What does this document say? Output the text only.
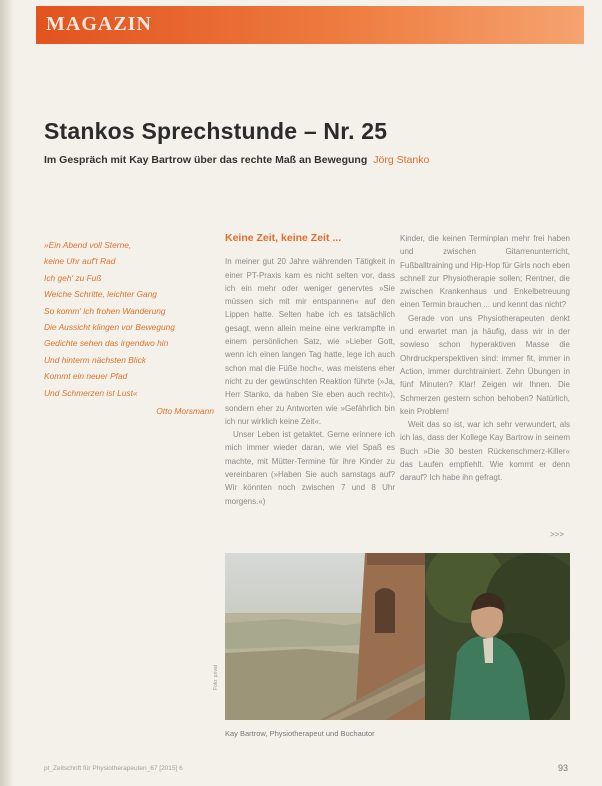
MAGAZIN
Stankos Sprechstunde – Nr. 25
Im Gespräch mit Kay Bartrow über das rechte Maß an Bewegung Jörg Stanko
»Ein Abend voll Sterne,
keine Uhr auf't Rad
Ich geh' zu Fuß
Weiche Schritte, leichter Gang
So komm' ich frohen Wanderung
Die Aussicht klingen vor Bewegung
Gedichte sehen das irgendwo hin
Und hinterm nächsten Blick
Kommt ein neuer Pfad
Und Schmerzen ist Lust«
Otto Morsmann
Keine Zeit, keine Zeit ...

In meiner gut 20 Jahre währenden Tätigkeit in einer PT-Praxis kam es nicht selten vor, dass ich ein mehr oder weniger genervtes »Sie müssen sich mit mir entspannen« auf den Lippen hatte. Selten habe ich es tatsächlich gesagt, wenn allein meine eine verkrampfte in einem persönlichen Satz, wie »Lieber Gott, wenn ich einen langen Tag hatte, lege ich auch schon mal die Füße hoch«, was meistens eher nicht zu der gewünschten Reaktion führte (»Ja, Herr Stanko, da haben Sie eben auch recht«), sondern eher zu Antworten wie »Gefährlich bin ich nur wirklich keine Zeit«.

Unser Leben ist getaktet. Gerne erinnere ich mich immer wieder daran, wie viel Spaß es machte, mit Mütter-Termine für ihre Kinder zu vereinbaren (»Haben Sie auch samstags auf? Wir könnten noch zwischen 7 und 8 Uhr morgens.«)

Kinder, die keinen Terminplan mehr frei haben und zwischen Gitarrenunterricht, Fußballtraining und Hip-Hop für Girls noch eben schnell zur Physiotherapie sollen; Rentner, die zwischen Krankenhaus und Enkelbetreuung einen Termin brauchen ... und kennt das nicht?

Gerade von uns Physiotherapeuten denkt und erwartet man ja häufig, dass wir in der sowieso schon hyperaktiven Masse die Ohrdruckperspektiven sind: immer fit, immer in Action, immer durchtrainiert. Zehn Übungen in fünf Minuten? Klar! Zeigen wir Ihnen. Die Schmerzen gestern schon behoben? Natürlich, kein Problem!

Weit das so ist, war ich sehr verwundert, als ich las, dass der Kollege Kay Bartrow in seinem Buch »Die 30 besten Rückenschmerz-Killer« das Laufen empfiehlt. Wie kommt er denn darauf? Ich habe ihn gefragt.

>>>
Foto: privat
Kay Bartrow, Physiotherapeut und Buchautor
pt_Zeitschrift für Physiotherapeuten_67 [2015] 6	93
